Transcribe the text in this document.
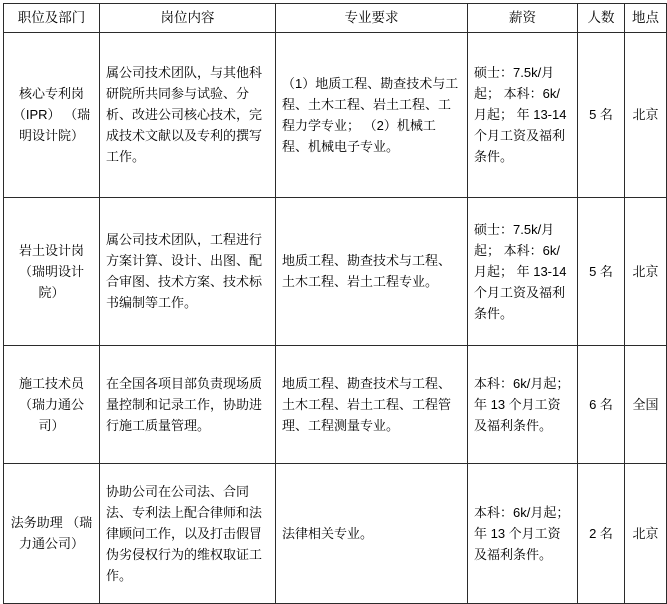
职位及部门	岗位内容	专业要求	薪资	人数	地点
核心专利岗 （IPR） （瑞明设计院）	属公司技术团队，与其他科研院所共同参与试验、分析、改进公司核心技术，完成技术文献以及专利的撰写工作。	（1）地质工程、勘查技术与工程、土木工程、岩土工程、工程力学专业； （2）机械工程、机械电子专业。	硕士：7.5k/月起； 本科：6k/月起； 年 13-14 个月工资及福利条件。	5 名	北京
岩土设计岗 （瑞明设计院）	属公司技术团队，工程进行方案计算、设计、出图、配合审图、技术方案、技术标书编制等工作。	地质工程、勘查技术与工程、土木工程、岩土工程专业。	硕士：7.5k/月起； 本科：6k/月起； 年 13-14 个月工资及福利条件。	5 名	北京
施工技术员 （瑞力通公司）	在全国各项目部负责现场质量控制和记录工作，协助进行施工质量管理。	地质工程、勘查技术与工程、土木工程、岩土工程、工程管理、工程测量专业。	本科：6k/月起； 年 13 个月工资及福利条件。	6 名	全国
法务助理 （瑞力通公司）	协助公司在公司法、合同法、专利法上配合律师和法律顾问工作，以及打击假冒伪劣侵权行为的维权取证工作。	法律相关专业。	本科：6k/月起； 年 13 个月工资及福利条件。	2 名	北京
